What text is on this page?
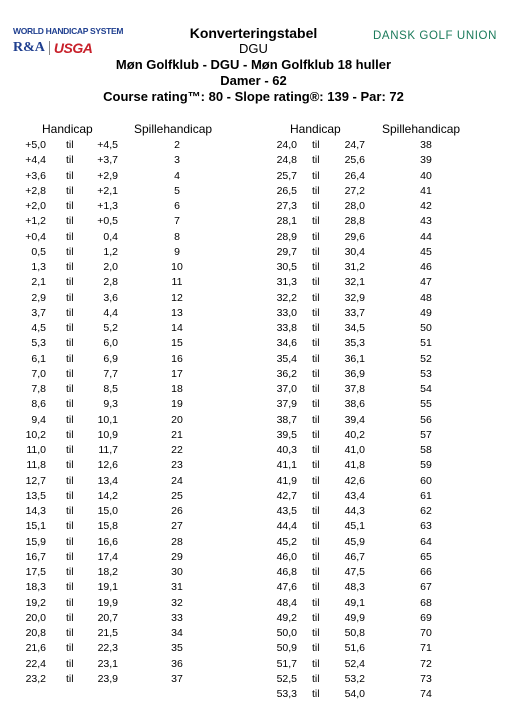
WORLD HANDICAP SYSTEM
R&A USGA
DANSK GOLF UNION
Konverteringstabel
DGU
Møn Golfklub - DGU - Møn Golfklub 18 huller
Damer - 62
Course rating™: 80 - Slope rating®: 139 - Par: 72
Handicap	Spillehandicap
+5,0 til	+4,5	2
+4,4 til	+3,7	3
+3,6 til	+2,9	4
+2,8 til	+2,1	5
+2,0 til	+1,3	6
+1,2 til	+0,5	7
+0,4 til	0,4	8
0,5 til	1,2	9
1,3 til	2,0	10
2,1 til	2,8	11
2,9 til	3,6	12
3,7 til	4,4	13
4,5 til	5,2	14
5,3 til	6,0	15
6,1 til	6,9	16
7,0 til	7,7	17
7,8 til	8,5	18
8,6 til	9,3	19
9,4 til	10,1	20
10,2 til	10,9	21
11,0 til	11,7	22
11,8 til	12,6	23
12,7 til	13,4	24
13,5 til	14,2	25
14,3 til	15,0	26
15,1 til	15,8	27
15,9 til	16,6	28
16,7 til	17,4	29
17,5 til	18,2	30
18,3 til	19,1	31
19,2 til	19,9	32
20,0 til	20,7	33
20,8 til	21,5	34
21,6 til	22,3	35
22,4 til	23,1	36
23,2 til	23,9	37
Handicap	Spillehandicap
24,0 til	24,7	38
24,8 til	25,6	39
25,7 til	26,4	40
26,5 til	27,2	41
27,3 til	28,0	42
28,1 til	28,8	43
28,9 til	29,6	44
29,7 til	30,4	45
30,5 til	31,2	46
31,3 til	32,1	47
32,2 til	32,9	48
33,0 til	33,7	49
33,8 til	34,5	50
34,6 til	35,3	51
35,4 til	36,1	52
36,2 til	36,9	53
37,0 til	37,8	54
37,9 til	38,6	55
38,7 til	39,4	56
39,5 til	40,2	57
40,3 til	41,0	58
41,1 til	41,8	59
41,9 til	42,6	60
42,7 til	43,4	61
43,5 til	44,3	62
44,4 til	45,1	63
45,2 til	45,9	64
46,0 til	46,7	65
46,8 til	47,5	66
47,6 til	48,3	67
48,4 til	49,1	68
49,2 til	49,9	69
50,0 til	50,8	70
50,9 til	51,6	71
51,7 til	52,4	72
52,5 til	53,2	73
53,3 til	54,0	74
